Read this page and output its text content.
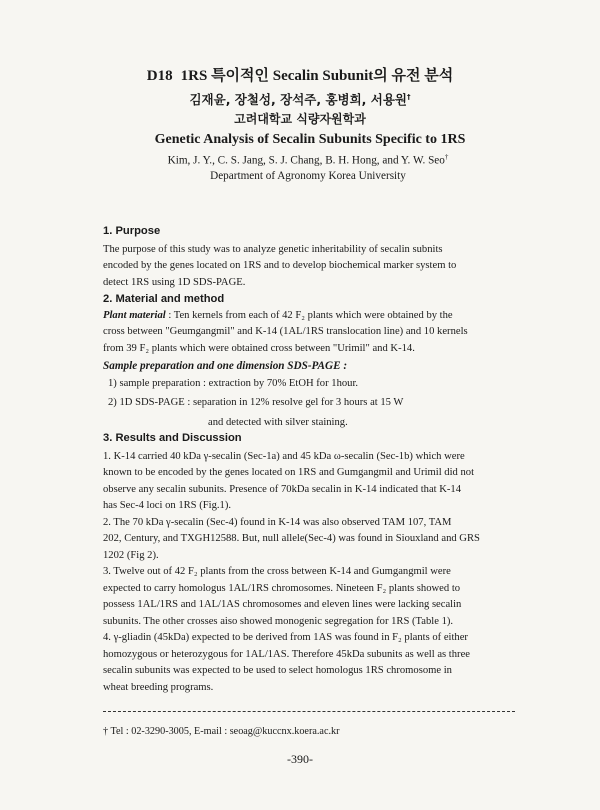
D18 1RS 특이적인 Secalin Subunit의 유전 분석
김재윤, 장철성, 장석주, 홍병희, 서용원†
고려대학교 식량자원학과
Genetic Analysis of Secalin Subunits Specific to 1RS
Kim, J. Y., C. S. Jang, S. J. Chang, B. H. Hong, and Y. W. Seo†
Department of Agronomy Korea University

1. Purpose

The purpose of this study was to analyze genetic inheritability of secalin subnits
encoded by the genes located on 1RS and to develop biochemical marker system to
detect 1RS using 1D SDS-PAGE.

2. Material and method

Plant material : Ten kernels from each of 42 F₂ plants which were obtained by the
cross between "Geumgangmil" and K-14 (1AL/1RS translocation line) and 10 kernels
from 39 F₂ plants which were obtained cross between "Urimil" and K-14.

Sample preparation and one dimension SDS-PAGE :

1) sample preparation : extraction by 70% EtOH for 1hour.
2) 1D SDS-PAGE : separation in 12% resolve gel for 3 hours at 15 W
and detected with silver staining.

3. Results and Discussion

1. K-14 carried 40 kDa γ-secalin (Sec-1a) and 45 kDa ω-secalin (Sec-1b) which were
known to be encoded by the genes located on 1RS and Gumgangmil and Urimil did not
observe any secalin subunits. Presence of 70kDa secalin in K-14 indicated that K-14
has Sec-4 loci on 1RS (Fig.1).

2. The 70 kDa γ-secalin (Sec-4) found in K-14 was also observed TAM 107, TAM
202, Century, and TXGH12588. But, null allele(Sec-4) was found in Siouxland and GRS
1202 (Fig 2).

3. Twelve out of 42 F₂ plants from the cross between K-14 and Gumgangmil were
expected to carry homologus 1AL/1RS chromosomes. Nineteen F₂ plants showed to
possess 1AL/1RS and 1AL/1AS chromosomes and eleven lines were lacking secalin
subunits. The other crosses aiso showed monogenic segregation for 1RS (Table 1).

4. γ-gliadin (45kDa) expected to be derived from 1AS was found in F₂ plants of either
homozygous or heterozygous for 1AL/1AS. Therefore 45kDa subunits as well as three
secalin subunits was expected to be used to select homologus 1RS chromosome in
wheat breeding programs.

† Tel : 02-3290-3005, E-mail : seoag@kuccnx.koera.ac.kr
-390-
